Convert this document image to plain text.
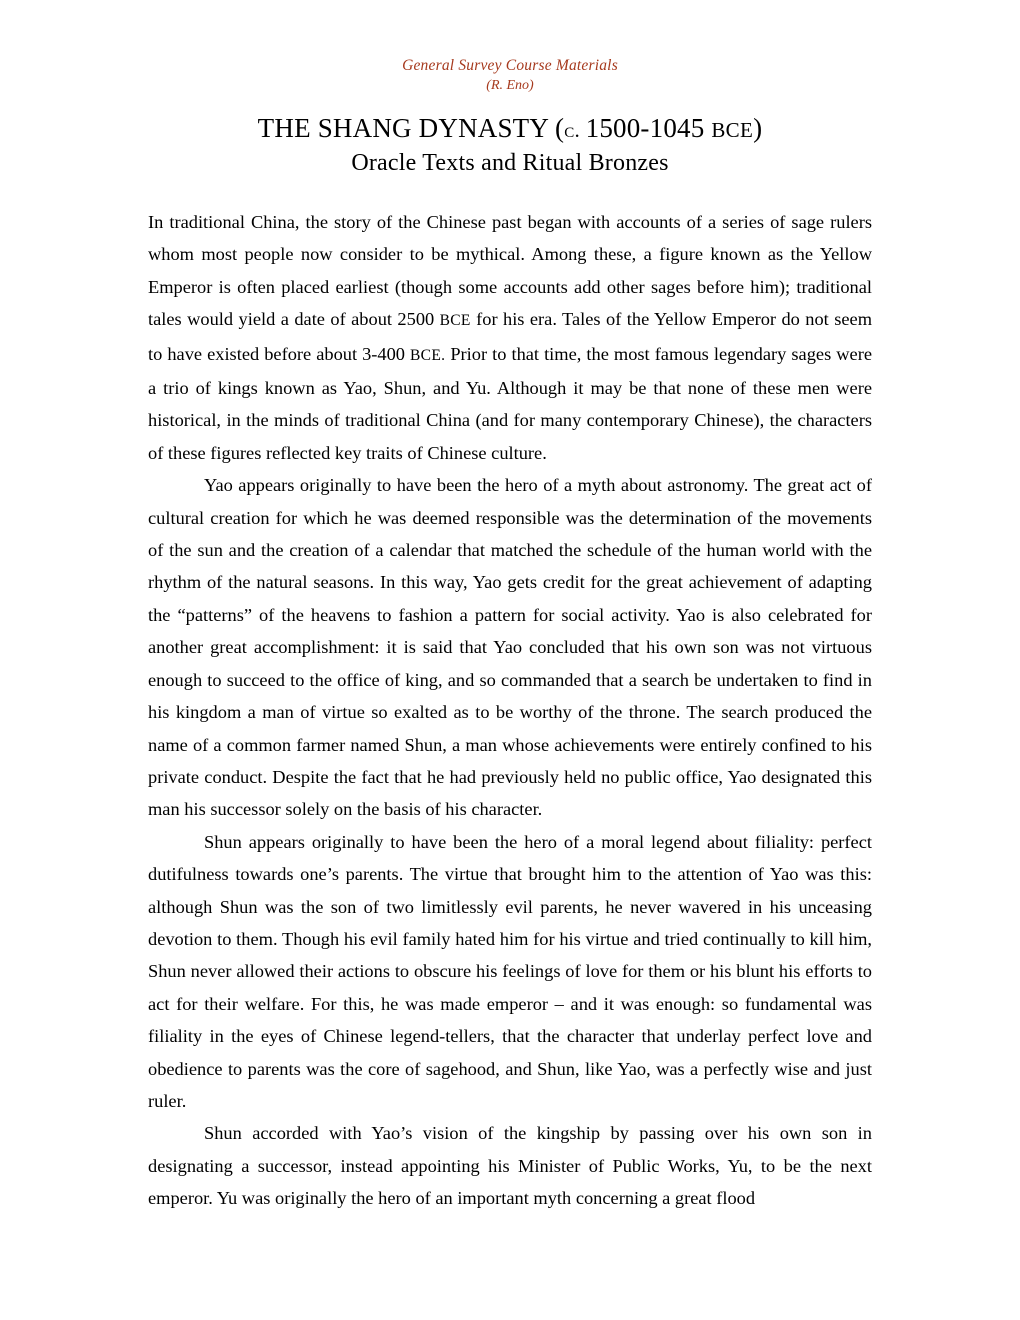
General Survey Course Materials
(R. Eno)
THE SHANG DYNASTY (c. 1500-1045 BCE)
Oracle Texts and Ritual Bronzes

In traditional China, the story of the Chinese past began with accounts of a series of sage rulers whom most people now consider to be mythical. Among these, a figure known as the Yellow Emperor is often placed earliest (though some accounts add other sages before him); traditional tales would yield a date of about 2500 BCE for his era. Tales of the Yellow Emperor do not seem to have existed before about 3-400 BCE. Prior to that time, the most famous legendary sages were a trio of kings known as Yao, Shun, and Yu. Although it may be that none of these men were historical, in the minds of traditional China (and for many contemporary Chinese), the characters of these figures reflected key traits of Chinese culture.

Yao appears originally to have been the hero of a myth about astronomy. The great act of cultural creation for which he was deemed responsible was the determination of the movements of the sun and the creation of a calendar that matched the schedule of the human world with the rhythm of the natural seasons. In this way, Yao gets credit for the great achievement of adapting the “patterns” of the heavens to fashion a pattern for social activity. Yao is also celebrated for another great accomplishment: it is said that Yao concluded that his own son was not virtuous enough to succeed to the office of king, and so commanded that a search be undertaken to find in his kingdom a man of virtue so exalted as to be worthy of the throne. The search produced the name of a common farmer named Shun, a man whose achievements were entirely confined to his private conduct. Despite the fact that he had previously held no public office, Yao designated this man his successor solely on the basis of his character.

Shun appears originally to have been the hero of a moral legend about filiality: perfect dutifulness towards one’s parents. The virtue that brought him to the attention of Yao was this: although Shun was the son of two limitlessly evil parents, he never wavered in his unceasing devotion to them. Though his evil family hated him for his virtue and tried continually to kill him, Shun never allowed their actions to obscure his feelings of love for them or his blunt his efforts to act for their welfare. For this, he was made emperor – and it was enough: so fundamental was filiality in the eyes of Chinese legend-tellers, that the character that underlay perfect love and obedience to parents was the core of sagehood, and Shun, like Yao, was a perfectly wise and just ruler.

Shun accorded with Yao’s vision of the kingship by passing over his own son in designating a successor, instead appointing his Minister of Public Works, Yu, to be the next emperor. Yu was originally the hero of an important myth concerning a great flood
